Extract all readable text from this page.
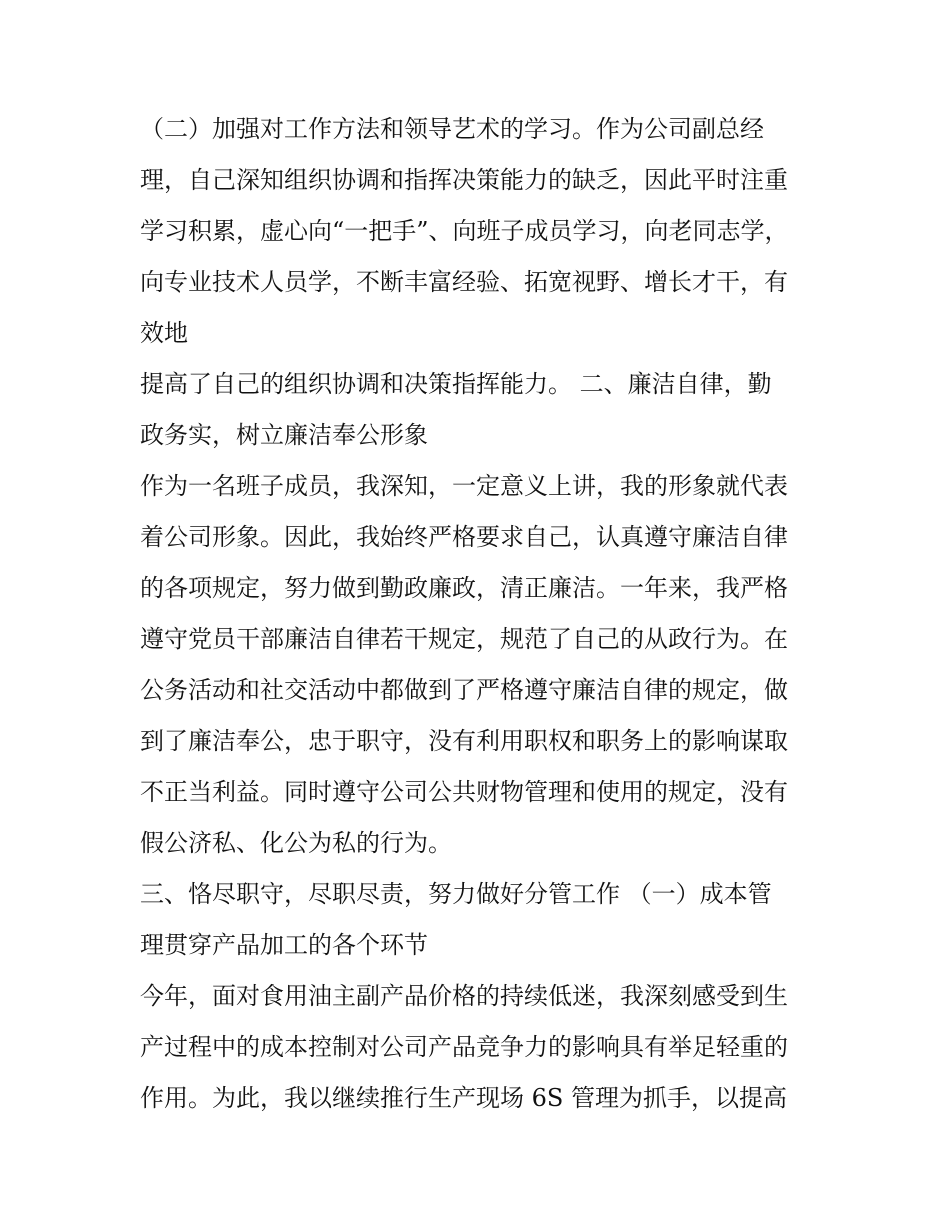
（二）加强对工作方法和领导艺术的学习。作为公司副总经
理，自己深知组织协调和指挥决策能力的缺乏，因此平时注重
学习积累，虚心向“一把手”、向班子成员学习，向老同志学，
向专业技术人员学，不断丰富经验、拓宽视野、增长才干，有
效地
提高了自己的组织协调和决策指挥能力。 二、廉洁自律，勤
政务实，树立廉洁奉公形象
作为一名班子成员，我深知，一定意义上讲，我的形象就代表
着公司形象。因此，我始终严格要求自己，认真遵守廉洁自律
的各项规定，努力做到勤政廉政，清正廉洁。一年来，我严格
遵守党员干部廉洁自律若干规定，规范了自己的从政行为。在
公务活动和社交活动中都做到了严格遵守廉洁自律的规定，做
到了廉洁奉公，忠于职守，没有利用职权和职务上的影响谋取
不正当利益。同时遵守公司公共财物管理和使用的规定，没有
假公济私、化公为私的行为。
三、恪尽职守，尽职尽责，努力做好分管工作 （一）成本管
理贯穿产品加工的各个环节
今年，面对食用油主副产品价格的持续低迷，我深刻感受到生
产过程中的成本控制对公司产品竞争力的影响具有举足轻重的
作用。为此，我以继续推行生产现场 6S 管理为抓手，以提高
